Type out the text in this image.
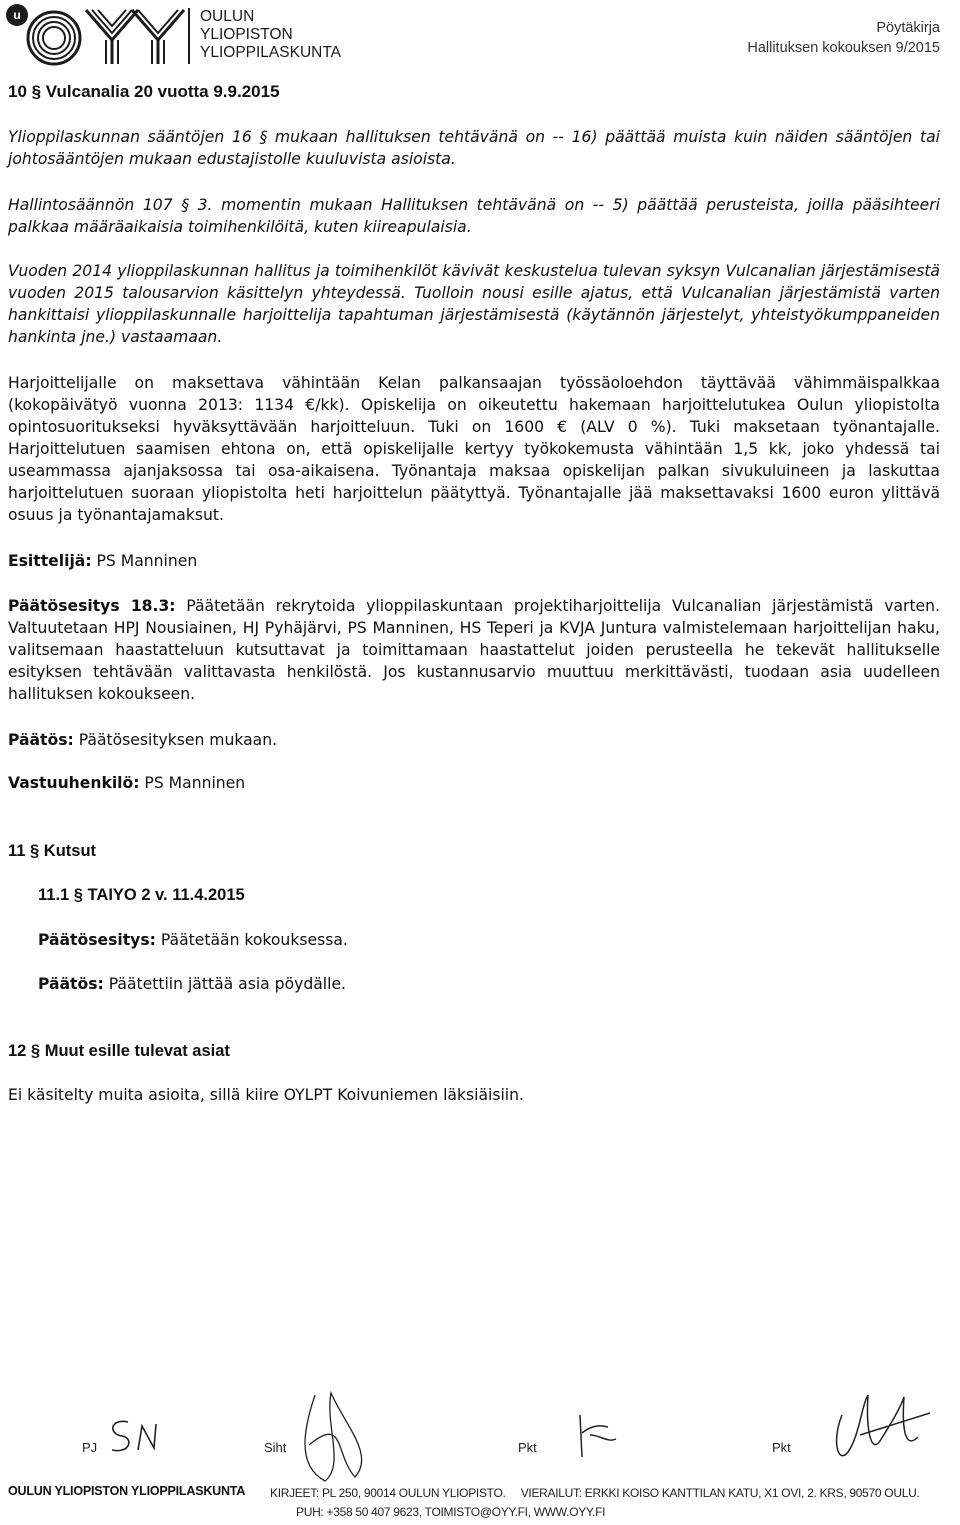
u	OULUN
YLIOPISTON
YLIOPPILASKUNTA
Pöytäkirja
Hallituksen kokouksen 9/2015
10 § Vulcanalia 20 vuotta 9.9.2015

Ylioppilaskunnan sääntöjen 16 § mukaan hallituksen tehtävänä on -- 16) päättää muista kuin näiden sääntöjen tai johtosääntöjen mukaan edustajistolle kuuluvista asioista.

Hallintosäännön 107 § 3. momentin mukaan Hallituksen tehtävänä on -- 5) päättää perusteista, joilla pääsihteeri palkkaa määräaikaisia toimihenkilöitä, kuten kiireapulaisia.

Vuoden 2014 ylioppilaskunnan hallitus ja toimihenkilöt kävivät keskustelua tulevan syksyn Vulcanalian järjestämisestä vuoden 2015 talousarvion käsittelyn yhteydessä. Tuolloin nousi esille ajatus, että Vulcanalian järjestämistä varten hankittaisi ylioppilaskunnalle harjoittelija tapahtuman järjestämisestä (käytännön järjestelyt, yhteistyökumppaneiden hankinta jne.) vastaamaan.

Harjoittelijalle on maksettava vähintään Kelan palkansaajan työssäoloehdon täyttävää vähimmäispalkkaa (kokopäivätyö vuonna 2013: 1134 €/kk). Opiskelija on oikeutettu hakemaan harjoittelutukea Oulun yliopistolta opintosuoritukseksi hyväksyttävään harjoitteluun. Tuki on 1600 € (ALV 0 %). Tuki maksetaan työnantajalle. Harjoittelutuen saamisen ehtona on, että opiskelijalle kertyy työkokemusta vähintään 1,5 kk, joko yhdessä tai useammassa ajanjaksossa tai osa-aikaisena. Työnantaja maksaa opiskelijan palkan sivukuluineen ja laskuttaa harjoittelutuen suoraan yliopistolta heti harjoittelun päätyttyä. Työnantajalle jää maksettavaksi 1600 euron ylittävä osuus ja työnantajamaksut.

Esittelijä: PS Manninen

Päätösesitys 18.3: Päätetään rekrytoida ylioppilaskuntaan projektiharjoittelija Vulcanalian järjestämistä varten. Valtuutetaan HPJ Nousiainen, HJ Pyhäjärvi, PS Manninen, HS Teperi ja KVJA Juntura valmistelemaan harjoittelijan haku, valitsemaan haastatteluun kutsuttavat ja toimittamaan haastattelut joiden perusteella he tekevät hallitukselle esityksen tehtävään valittavasta henkilöstä. Jos kustannusarvio muuttuu merkittävästi, tuodaan asia uudelleen hallituksen kokoukseen.

Päätös: Päätösesityksen mukaan.

Vastuuhenkilö: PS Manninen

11 § Kutsut

11.1 § TAIYO 2 v. 11.4.2015

Päätösesitys: Päätetään kokouksessa.

Päätös: Päätettiin jättää asia pöydälle.

12 § Muut esille tulevat asiat

Ei käsitelty muita asioita, sillä kiire OYLPT Koivuniemen läksiäisiin.

PJ	Siht	Pkt	Pkt
OULUN YLIOPISTON YLIOPPILASKUNTA KIRJEET: PL 250, 90014 OULUN YLIOPISTO.     VIERAILUT: ERKKI KOISO KANTTILAN KATU, X1 OVI, 2. KRS, 90570 OULU.
PUH: +358 50 407 9623, TOIMISTO@OYY.FI, WWW.OYY.FI
